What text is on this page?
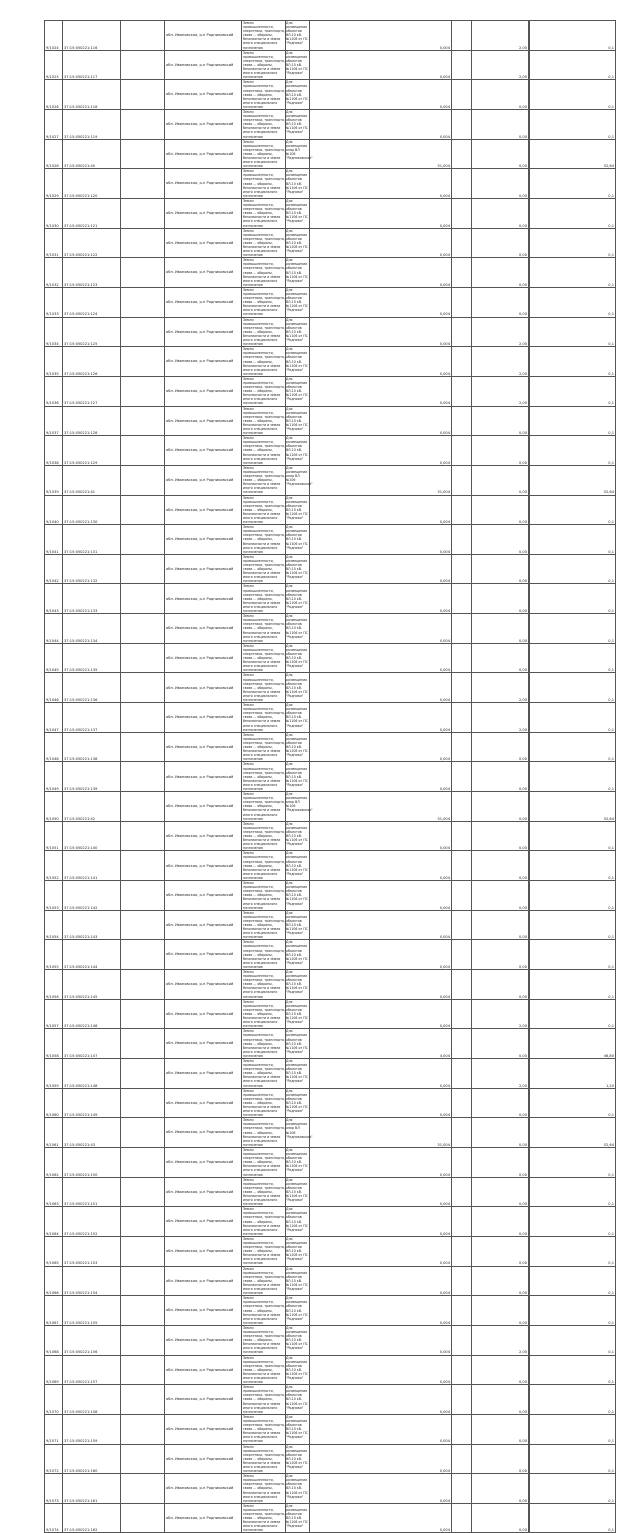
9/1024	37:15:050221:116		обл. Ивановская, р-н Родниковский	Земли промышленности, энергетики, транспорта, связи ... обороны, безопасности и земли иного специального назначения	Для размещения объектов ВЛ-10 кВ. №1106 от ПС "Родники"	0,004		2,00		0,1
9/1025	37:15:050221:117		обл. Ивановская, р-н Родниковский	Земли промышленности, энергетики, транспорта, связи ... обороны, безопасности и земли иного специального назначения	Для размещения объектов ВЛ-10 кВ. №1106 от ПС "Родники"	0,004		2,00		0,1
9/1026	37:15:050221:118		обл. Ивановская, р-н Родниковский	Земли промышленности, энергетики, транспорта, связи ... обороны, безопасности и земли иного специального назначения	Для размещения объектов ВЛ-10 кВ. №1106 от ПС "Родники"	0,004		0,00		0,1
9/1027	37:15:050221:119		обл. Ивановская, р-н Родниковский	Земли промышленности, энергетики, транспорта, связи ... обороны, безопасности и земли иного специального назначения	Для размещения объектов ВЛ-10 кВ. №1106 от ПС "Родники"	0,004		0,00		0,1
9/1028	37:15:050221:40		обл. Ивановская, р-н Родниковский	Земли промышленности, энергетики, транспорта, связи ... обороны, безопасности и земли иного специального назначения	Для размещения опор ВЛ №106 "Родниковская"	31,004		0,00		52,64
9/1029	37:15:050221:120		обл. Ивановская, р-н Родниковский	Земли промышленности, энергетики, транспорта, связи ... обороны, безопасности и земли иного специального назначения	Для размещения объектов ВЛ-10 кВ. №1106 от ПС "Родники"	0,004		0,00		0,1
9/1030	37:15:050221:121		обл. Ивановская, р-н Родниковский	Земли промышленности, энергетики, транспорта, связи ... обороны, безопасности и земли иного специального назначения	Для размещения объектов ВЛ-10 кВ. №1106 от ПС "Родники"	0,004		0,00		0,1
9/1031	37:15:050221:122		обл. Ивановская, р-н Родниковский	Земли промышленности, энергетики, транспорта, связи ... обороны, безопасности и земли иного специального назначения	Для размещения объектов ВЛ-10 кВ. №1106 от ПС "Родники"	0,004		0,00		0,1
9/1032	37:15:050221:123		обл. Ивановская, р-н Родниковский	Земли промышленности, энергетики, транспорта, связи ... обороны, безопасности и земли иного специального назначения	Для размещения объектов ВЛ-10 кВ. №1106 от ПС "Родники"	0,004		0,00		0,1
9/1033	37:15:050221:124		обл. Ивановская, р-н Родниковский	Земли промышленности, энергетики, транспорта, связи ... обороны, безопасности и земли иного специального назначения	Для размещения объектов ВЛ-10 кВ. №1106 от ПС "Родники"	0,004		0,00		0,1
9/1034	37:15:050221:125		обл. Ивановская, р-н Родниковский	Земли промышленности, энергетики, транспорта, связи ... обороны, безопасности и земли иного специального назначения	Для размещения объектов ВЛ-10 кВ. №1106 от ПС "Родники"	0,004		2,00		0,1
9/1035	37:15:050221:126		обл. Ивановская, р-н Родниковский	Земли промышленности, энергетики, транспорта, связи ... обороны, безопасности и земли иного специального назначения	Для размещения объектов ВЛ-10 кВ. №1106 от ПС "Родники"	0,004		2,00		0,1
9/1036	37:15:050221:127		обл. Ивановская, р-н Родниковский	Земли промышленности, энергетики, транспорта, связи ... обороны, безопасности и земли иного специального назначения	Для размещения объектов ВЛ-10 кВ. №1106 от ПС "Родники"	0,004		2,00		0,1
9/1037	37:15:050221:128		обл. Ивановская, р-н Родниковский	Земли промышленности, энергетики, транспорта, связи ... обороны, безопасности и земли иного специального назначения	Для размещения объектов ВЛ-10 кВ. №1106 от ПС "Родники"	0,004		0,00		0,1
9/1038	37:15:050221:129		обл. Ивановская, р-н Родниковский	Земли промышленности, энергетики, транспорта, связи ... обороны, безопасности и земли иного специального назначения	Для размещения объектов ВЛ-10 кВ. №1106 от ПС "Родники"	0,004		0,00		0,1
9/1039	37:15:050221:41		обл. Ивановская, р-н Родниковский	Земли промышленности, энергетики, транспорта, связи ... обороны, безопасности и земли иного специального назначения	Для размещения опор ВЛ №106 "Родниковская"	31,004		0,00		52,64
9/1040	37:15:050221:130		обл. Ивановская, р-н Родниковский	Земли промышленности, энергетики, транспорта, связи ... обороны, безопасности и земли иного специального назначения	Для размещения объектов ВЛ-10 кВ. №1106 от ПС "Родники"	0,004		0,00		0,1
9/1041	37:15:050221:131		обл. Ивановская, р-н Родниковский	Земли промышленности, энергетики, транспорта, связи ... обороны, безопасности и земли иного специального назначения	Для размещения объектов ВЛ-10 кВ. №1106 от ПС "Родники"	0,004		0,00		0,1
9/1042	37:15:050221:132		обл. Ивановская, р-н Родниковский	Земли промышленности, энергетики, транспорта, связи ... обороны, безопасности и земли иного специального назначения	Для размещения объектов ВЛ-10 кВ. №1106 от ПС "Родники"	0,004		0,00		0,1
9/1043	37:15:050221:133		обл. Ивановская, р-н Родниковский	Земли промышленности, энергетики, транспорта, связи ... обороны, безопасности и земли иного специального назначения	Для размещения объектов ВЛ-10 кВ. №1106 от ПС "Родники"	0,004		0,00		0,1
9/1044	37:15:050221:134		обл. Ивановская, р-н Родниковский	Земли промышленности, энергетики, транспорта, связи ... обороны, безопасности и земли иного специального назначения	Для размещения объектов ВЛ-10 кВ. №1106 от ПС "Родники"	0,004		0,00		0,1
9/1045	37:15:050221:135		обл. Ивановская, р-н Родниковский	Земли промышленности, энергетики, транспорта, связи ... обороны, безопасности и земли иного специального назначения	Для размещения объектов ВЛ-10 кВ. №1106 от ПС "Родники"	0,004		0,00		0,1
9/1046	37:15:050221:136		обл. Ивановская, р-н Родниковский	Земли промышленности, энергетики, транспорта, связи ... обороны, безопасности и земли иного специального назначения	Для размещения объектов ВЛ-10 кВ. №1106 от ПС "Родники"	0,004		2,00		0,1
9/1047	37:15:050221:137		обл. Ивановская, р-н Родниковский	Земли промышленности, энергетики, транспорта, связи ... обороны, безопасности и земли иного специального назначения	Для размещения объектов ВЛ-10 кВ. №1106 от ПС "Родники"	0,004		2,00		0,1
9/1048	37:15:050221:138		обл. Ивановская, р-н Родниковский	Земли промышленности, энергетики, транспорта, связи ... обороны, безопасности и земли иного специального назначения	Для размещения объектов ВЛ-10 кВ. №1106 от ПС "Родники"	0,004		0,00		0,1
9/1049	37:15:050221:139		обл. Ивановская, р-н Родниковский	Земли промышленности, энергетики, транспорта, связи ... обороны, безопасности и земли иного специального назначения	Для размещения объектов ВЛ-10 кВ. №1106 от ПС "Родники"	0,004		0,00		0,1
9/1050	37:15:050221:42		обл. Ивановская, р-н Родниковский	Земли промышленности, энергетики, транспорта, связи ... обороны, безопасности и земли иного специального назначения	Для размещения опор ВЛ №106 "Родниковская"	31,004		0,00		52,64
9/1051	37:15:050221:140		обл. Ивановская, р-н Родниковский	Земли промышленности, энергетики, транспорта, связи ... обороны, безопасности и земли иного специального назначения	Для размещения объектов ВЛ-10 кВ. №1106 от ПС "Родники"	0,004		0,00		0,1
9/1052	37:15:050221:141		обл. Ивановская, р-н Родниковский	Земли промышленности, энергетики, транспорта, связи ... обороны, безопасности и земли иного специального назначения	Для размещения объектов ВЛ-10 кВ. №1106 от ПС "Родники"	0,004		0,00		0,1
9/1053	37:15:050221:142		обл. Ивановская, р-н Родниковский	Земли промышленности, энергетики, транспорта, связи ... обороны, безопасности и земли иного специального назначения	Для размещения объектов ВЛ-10 кВ. №1106 от ПС "Родники"	0,004		0,00		0,1
9/1054	37:15:050221:143		обл. Ивановская, р-н Родниковский	Земли промышленности, энергетики, транспорта, связи ... обороны, безопасности и земли иного специального назначения	Для размещения объектов ВЛ-10 кВ. №1106 от ПС "Родники"	0,004		0,00		0,1
9/1055	37:15:050221:144		обл. Ивановская, р-н Родниковский	Земли промышленности, энергетики, транспорта, связи ... обороны, безопасности и земли иного специального назначения	Для размещения объектов ВЛ-10 кВ. №1106 от ПС "Родники"	0,004		0,00		0,1
9/1056	37:15:050221:145		обл. Ивановская, р-н Родниковский	Земли промышленности, энергетики, транспорта, связи ... обороны, безопасности и земли иного специального назначения	Для размещения объектов ВЛ-10 кВ. №1106 от ПС "Родники"	0,004		0,00		0,1
9/1057	37:15:050221:146		обл. Ивановская, р-н Родниковский	Земли промышленности, энергетики, транспорта, связи ... обороны, безопасности и земли иного специального назначения	Для размещения объектов ВЛ-10 кВ. №1106 от ПС "Родники"	0,004		2,00		0,1
9/1058	37:15:050221:147		обл. Ивановская, р-н Родниковский	Земли промышленности, энергетики, транспорта, связи ... обороны, безопасности и земли иного специального назначения	Для размещения объектов ВЛ-10 кВ. №1106 от ПС "Родники"	4,004		0,00		46,80
9/1059	37:15:050221:148		обл. Ивановская, р-н Родниковский	Земли промышленности, энергетики, транспорта, связи ... обороны, безопасности и земли иного специального назначения	Для размещения объектов ВЛ-10 кВ. №1106 от ПС "Родники"	0,004		2,00		1,20
9/1060	37:15:050221:149		обл. Ивановская, р-н Родниковский	Земли промышленности, энергетики, транспорта, связи ... обороны, безопасности и земли иного специального назначения	Для размещения объектов ВЛ-10 кВ. №1106 от ПС "Родники"	0,004		0,00		0,1
9/1061	37:15:050221:43		обл. Ивановская, р-н Родниковский	Земли промышленности, энергетики, транспорта, связи ... обороны, безопасности и земли иного специального назначения	Для размещения опор ВЛ №106 "Родниковская"	31,004		0,00		52,64
9/1062	37:15:050221:150		обл. Ивановская, р-н Родниковский	Земли промышленности, энергетики, транспорта, связи ... обороны, безопасности и земли иного специального назначения	Для размещения объектов ВЛ-10 кВ. №1106 от ПС "Родники"	0,004		0,00		0,1
9/1063	37:15:050221:151		обл. Ивановская, р-н Родниковский	Земли промышленности, энергетики, транспорта, связи ... обороны, безопасности и земли иного специального назначения	Для размещения объектов ВЛ-10 кВ. №1106 от ПС "Родники"	0,004		0,00		0,1
9/1064	37:15:050221:152		обл. Ивановская, р-н Родниковский	Земли промышленности, энергетики, транспорта, связи ... обороны, безопасности и земли иного специального назначения	Для размещения объектов ВЛ-10 кВ. №1106 от ПС "Родники"	0,004		0,00		0,1
9/1065	37:15:050221:153		обл. Ивановская, р-н Родниковский	Земли промышленности, энергетики, транспорта, связи ... обороны, безопасности и земли иного специального назначения	Для размещения объектов ВЛ-10 кВ. №1106 от ПС "Родники"	0,004		0,00		0,1
9/1066	37:15:050221:154		обл. Ивановская, р-н Родниковский	Земли промышленности, энергетики, транспорта, связи ... обороны, безопасности и земли иного специального назначения	Для размещения объектов ВЛ-10 кВ. №1106 от ПС "Родники"	0,004		0,00		0,1
9/1067	37:15:050221:155		обл. Ивановская, р-н Родниковский	Земли промышленности, энергетики, транспорта, связи ... обороны, безопасности и земли иного специального назначения	Для размещения объектов ВЛ-10 кВ. №1106 от ПС "Родники"	0,004		0,00		0,1
9/1068	37:15:050221:156		обл. Ивановская, р-н Родниковский	Земли промышленности, энергетики, транспорта, связи ... обороны, безопасности и земли иного специального назначения	Для размещения объектов ВЛ-10 кВ. №1106 от ПС "Родники"	0,004		2,00		0,1
9/1069	37:15:050221:157		обл. Ивановская, р-н Родниковский	Земли промышленности, энергетики, транспорта, связи ... обороны, безопасности и земли иного специального назначения	Для размещения объектов ВЛ-10 кВ. №1106 от ПС "Родники"	0,004		0,00		0,1
9/1070	37:15:050221:158		обл. Ивановская, р-н Родниковский	Земли промышленности, энергетики, транспорта, связи ... обороны, безопасности и земли иного специального назначения	Для размещения объектов ВЛ-10 кВ. №1106 от ПС "Родники"	0,004		0,00		0,1
9/1071	37:15:050221:159		обл. Ивановская, р-н Родниковский	Земли промышленности, энергетики, транспорта, связи ... обороны, безопасности и земли иного специального назначения	Для размещения объектов ВЛ-10 кВ. №1106 от ПС "Родники"	0,004		0,00		0,1
9/1072	37:15:050221:160		обл. Ивановская, р-н Родниковский	Земли промышленности, энергетики, транспорта, связи ... обороны, безопасности и земли иного специального назначения	Для размещения объектов ВЛ-10 кВ. №1106 от ПС "Родники"	0,004		0,00		0,1
9/1073	37:15:050221:161		обл. Ивановская, р-н Родниковский	Земли промышленности, энергетики, транспорта, связи ... обороны, безопасности и земли иного специального назначения	Для размещения объектов ВЛ-10 кВ. №1106 от ПС "Родники"	0,004		0,00		0,1
9/1074	37:15:050221:162		обл. Ивановская, р-н Родниковский	Земли промышленности, энергетики, транспорта, связи ... обороны, безопасности и земли иного специального назначения	Для размещения объектов ВЛ-10 кВ. №1106 от ПС "Родники"	0,004		0,00		0,1
